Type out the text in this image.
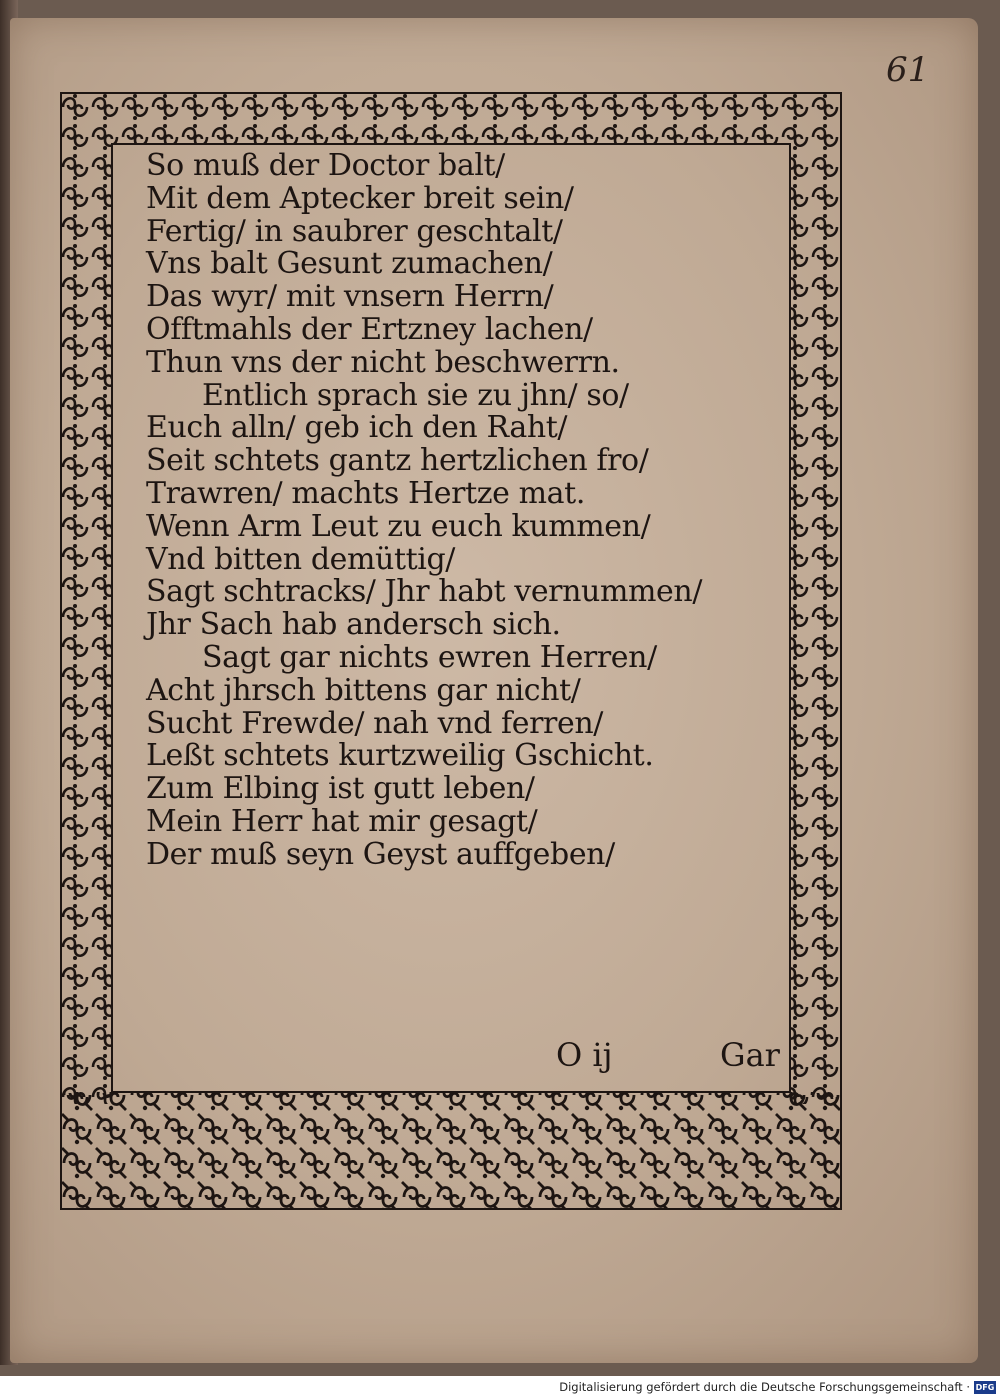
61
So muß der Doctor balt/
Mit dem Aptecker breit sein/
Fertig/ in saubrer geschtalt/
Vns balt Gesunt zumachen/
Das wyr/ mit vnsern Herrn/
Offtmahls der Ertzney lachen/
Thun vns der nicht beschwerrn.
Entlich sprach sie zu jhn/ so/
Euch alln/ geb ich den Raht/
Seit schtets gantz hertzlichen fro/
Trawren/ machts Hertze mat.
Wenn Arm Leut zu euch kummen/
Vnd bitten demüttig/
Sagt schtracks/ Jhr habt vernummen/
Jhr Sach hab andersch sich.
Sagt gar nichts ewren Herren/
Acht jhrsch bittens gar nicht/
Sucht Frewde/ nah vnd ferren/
Leßt schtets kurtzweilig Gschicht.
Zum Elbing ist gutt leben/
Mein Herr hat mir gesagt/
Der muß seyn Geyst auffgeben/
O ij	Gar
Digitalisierung gefördert durch die Deutsche Forschungsgemeinschaft · DFG
